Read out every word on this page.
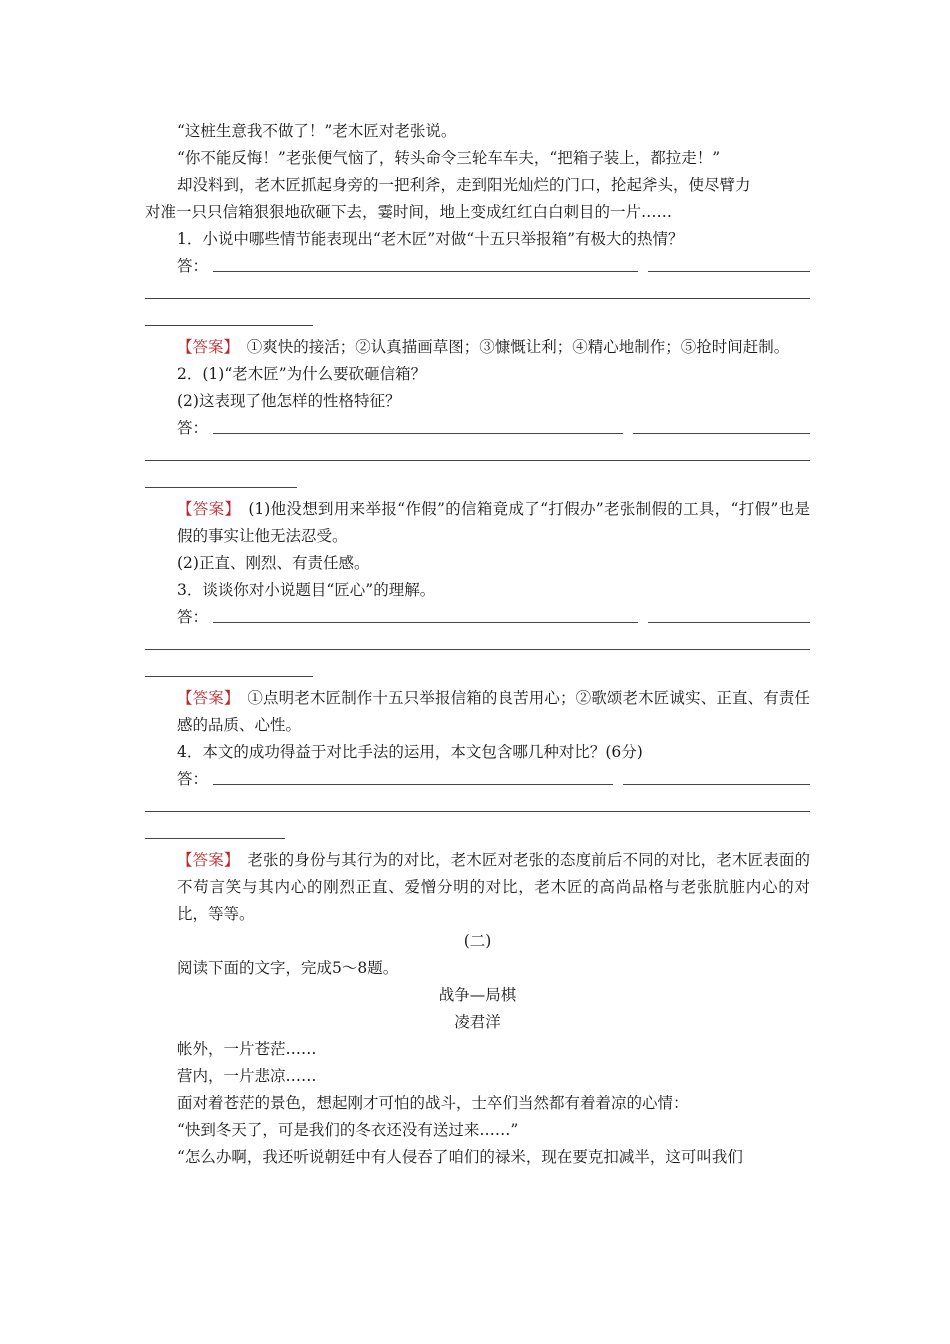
“这桩生意我不做了！”老木匠对老张说。
“你不能反悔！”老张便气恼了，转头命令三轮车车夫，“把箱子装上，都拉走！”
却没料到，老木匠抓起身旁的一把利斧，走到阳光灿烂的门口，抡起斧头，使尽臂力
对准一只只信箱狠狠地砍砸下去，霎时间，地上变成红红白白刺目的一片……
1．小说中哪些情节能表现出“老木匠”对做“十五只举报箱”有极大的热情？
答：
【答案】　 ①爽快的接活；②认真描画草图；③慷慨让利；④精心地制作；⑤抢时间赶制。
2．(1)“老木匠”为什么要砍砸信箱？
(2)这表现了他怎样的性格特征？
答：
【答案】　 (1)他没想到用来举报“作假”的信箱竟成了“打假办”老张制假的工具，“打假”也是假的事实让他无法忍受。
(2)正直、刚烈、有责任感。
3．谈谈你对小说题目“匠心”的理解。
答：
【答案】　 ①点明老木匠制作十五只举报信箱的良苦用心；②歌颂老木匠诚实、正直、有责任感的品质、心性。
4．本文的成功得益于对比手法的运用，本文包含哪几种对比？(6分)
答：
【答案】　 老张的身份与其行为的对比，老木匠对老张的态度前后不同的对比，老木匠表面的不苟言笑与其内心的刚烈正直、爱憎分明的对比，老木匠的高尚品格与老张肮脏内心的对比，等等。
(二)
阅读下面的文字，完成5～8题。
战争—局棋
凌君洋
帐外，一片苍茫……
营内，一片悲凉……
面对着苍茫的景色，想起刚才可怕的战斗，士卒们当然都有着着凉的心情：
“快到冬天了，可是我们的冬衣还没有送过来……”
“怎么办啊，我还听说朝廷中有人侵吞了咱们的禄米，现在要克扣减半，这可叫我们
